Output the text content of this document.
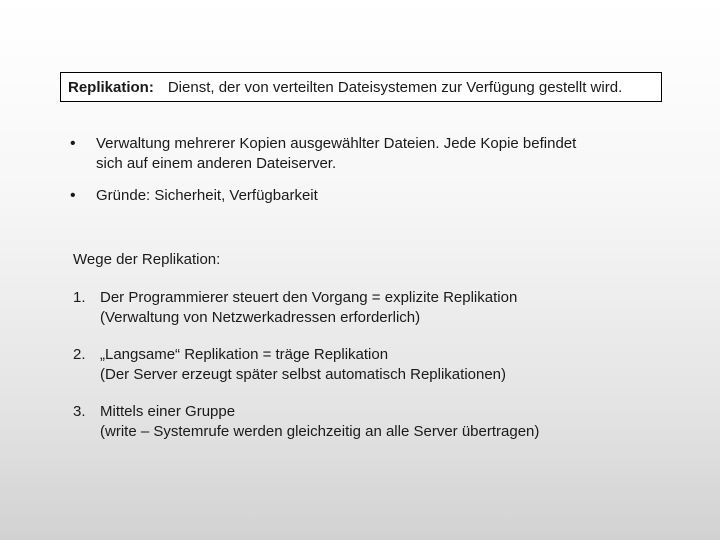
Replikation: Dienst, der von verteilten Dateisystemen zur Verfügung gestellt wird.
•	Verwaltung mehrerer Kopien ausgewählter Dateien. Jede Kopie befindet
sich auf einem anderen Dateiserver.
•	Gründe: Sicherheit, Verfügbarkeit
Wege der Replikation:
1. Der Programmierer steuert den Vorgang = explizite Replikation
(Verwaltung von Netzwerkadressen erforderlich)
2. „Langsame“ Replikation = träge Replikation
(Der Server erzeugt später selbst automatisch Replikationen)
3. Mittels einer Gruppe
(write – Systemrufe werden gleichzeitig an alle Server übertragen)
